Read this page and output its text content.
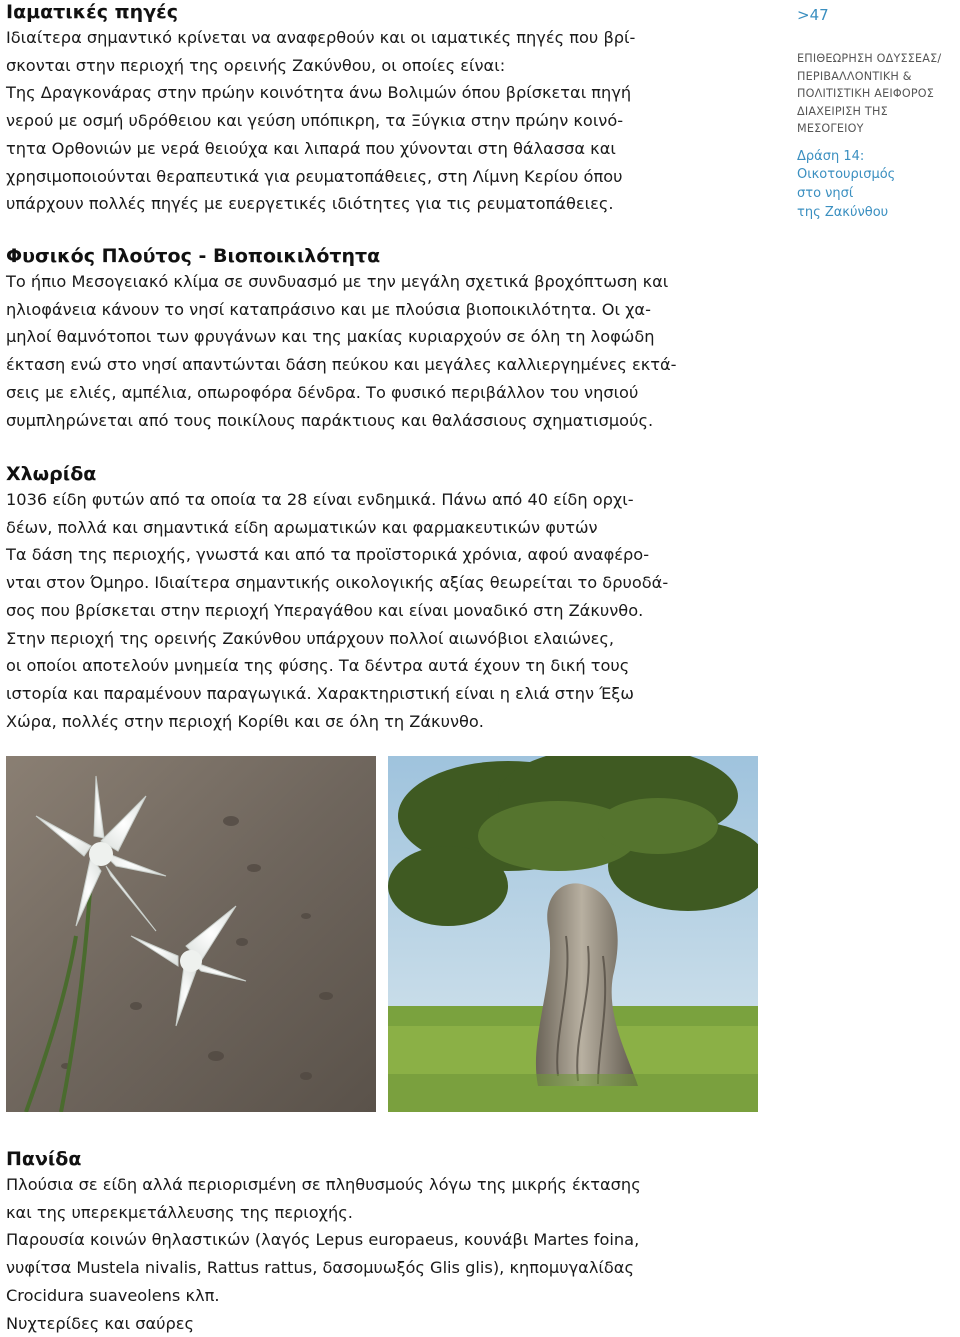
Ιαματικές πηγές

Ιδιαίτερα σημαντικό κρίνεται να αναφερθούν και οι ιαματικές πηγές που βρί-

σκονται στην περιοχή της ορεινής Ζακύνθου, οι οποίες είναι:

Της Δραγκονάρας στην πρώην κοινότητα άνω Βολιμών όπου βρίσκεται πηγή

νερού με οσμή υδρόθειου και γεύση υπόπικρη, τα Ξύγκια στην πρώην κοινό-

τητα Ορθονιών με νερά θειούχα και λιπαρά που χύνονται στη θάλασσα και

χρησιμοποιούνται θεραπευτικά για ρευματοπάθειες, στη Λίμνη Κερίου όπου

υπάρχουν πολλές πηγές με ευεργετικές ιδιότητες για τις ρευματοπάθειες.

Φυσικός Πλούτος - Βιοποικιλότητα

Το ήπιο Μεσογειακό κλίμα σε συνδυασμό με την μεγάλη σχετικά βροχόπτωση και

ηλιοφάνεια κάνουν το νησί καταπράσινο και με πλούσια βιοποικιλότητα. Οι χα-

μηλοί θαμνότοποι των φρυγάνων και της μακίας κυριαρχούν σε όλη τη λοφώδη

έκταση ενώ στο νησί απαντώνται δάση πεύκου και μεγάλες καλλιεργημένες εκτά-

σεις με ελιές, αμπέλια, οπωροφόρα δένδρα. Το φυσικό περιβάλλον του νησιού

συμπληρώνεται από τους ποικίλους παράκτιους και θαλάσσιους σχηματισμούς.

Χλωρίδα

1036 είδη φυτών από τα οποία τα 28 είναι ενδημικά. Πάνω από 40 είδη ορχι-

δέων, πολλά και σημαντικά είδη αρωματικών και φαρμακευτικών φυτών

Τα δάση της περιοχής, γνωστά και από τα προϊστορικά χρόνια, αφού αναφέρο-

νται στον Όμηρο. Ιδιαίτερα σημαντικής οικολογικής αξίας θεωρείται το δρυοδά-

σος που βρίσκεται στην περιοχή Υπεραγάθου και είναι μοναδικό στη Ζάκυνθο.

Στην περιοχή της ορεινής Ζακύνθου υπάρχουν πολλοί αιωνόβιοι ελαιώνες,

οι οποίοι αποτελούν μνημεία της φύσης. Τα δέντρα αυτά έχουν τη δική τους

ιστορία και παραμένουν παραγωγικά. Χαρακτηριστική είναι η ελιά στην Έξω

Χώρα, πολλές στην περιοχή Κορίθι και σε όλη τη Ζάκυνθο.

Πανίδα

Πλούσια σε είδη αλλά περιορισμένη σε πληθυσμούς λόγω της μικρής έκτασης

και της υπερεκμετάλλευσης της περιοχής.

Παρουσία κοινών θηλαστικών (λαγός Lepus europaeus, κουνάβι Martes foina,

νυφίτσα Mustela nivalis, Rattus rattus, δασομυωξός Glis glis), κηπομυγαλίδας

Crocidura suaveolens κλπ.

Νυχτερίδες και σαύρες

>47
ΕΠΙΘΕΩΡΗΣΗ ΟΔΥΣΣΕΑΣ/
ΠΕΡΙΒΑΛΛΟΝΤΙΚΗ &
ΠΟΛΙΤΙΣΤΙΚΗ ΑΕΙΦΟΡΟΣ
ΔΙΑΧΕΙΡΙΣΗ ΤΗΣ ΜΕΣΟΓΕΙΟΥ
Δράση 14:
Οικοτουρισμός
στο νησί
της Ζακύνθου
